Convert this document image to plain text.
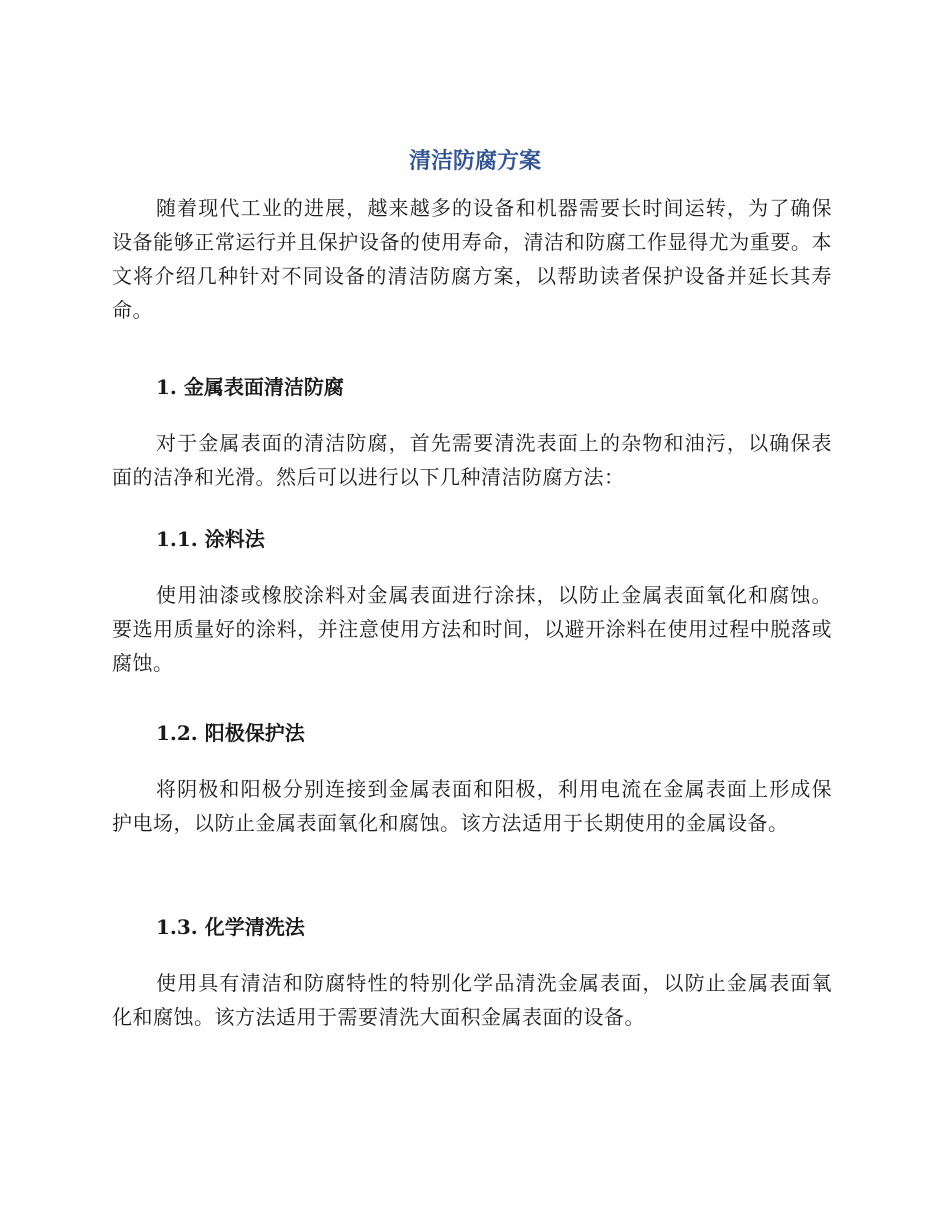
清洁防腐方案

随着现代工业的进展，越来越多的设备和机器需要长时间运转，为了确保设备能够正常运行并且保护设备的使用寿命，清洁和防腐工作显得尤为重要。本文将介绍几种针对不同设备的清洁防腐方案，以帮助读者保护设备并延长其寿命。

1. 金属表面清洁防腐

对于金属表面的清洁防腐，首先需要清洗表面上的杂物和油污，以确保表面的洁净和光滑。然后可以进行以下几种清洁防腐方法：

1.1. 涂料法

使用油漆或橡胶涂料对金属表面进行涂抹，以防止金属表面氧化和腐蚀。要选用质量好的涂料，并注意使用方法和时间，以避开涂料在使用过程中脱落或腐蚀。

1.2. 阳极保护法

将阴极和阳极分别连接到金属表面和阳极，利用电流在金属表面上形成保护电场，以防止金属表面氧化和腐蚀。该方法适用于长期使用的金属设备。

1.3. 化学清洗法

使用具有清洁和防腐特性的特别化学品清洗金属表面，以防止金属表面氧化和腐蚀。该方法适用于需要清洗大面积金属表面的设备。
